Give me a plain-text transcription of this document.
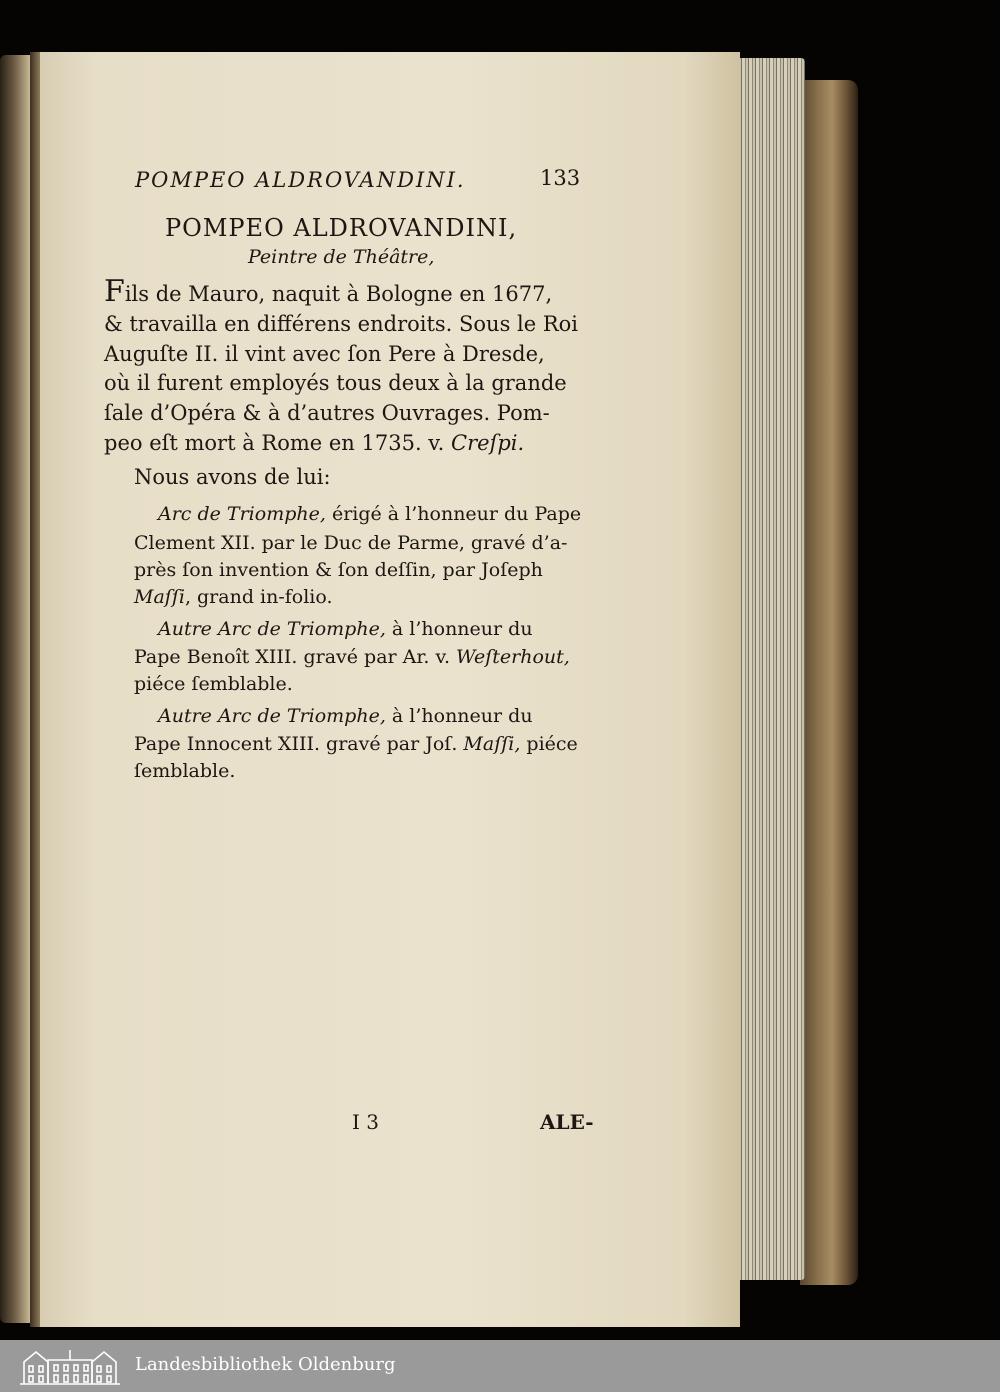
POMPEO ALDROVANDINI.	133
POMPEO ALDROVANDINI,
Peintre de Théâtre,
Fils de Mauro, naquit à Bologne en 1677,
& travailla en différens endroits. Sous le Roi
Auguſte II. il vint avec ſon Pere à Dresde,
où il furent employés tous deux à la grande
ſale d’Opéra & à d’autres Ouvrages. Pom-
peo eſt mort à Rome en 1735. v. Creſpi.
Nous avons de lui:
Arc de Triomphe, érigé à l’honneur du Pape
Clement XII. par le Duc de Parme, gravé d’a-
près ſon invention & ſon deſſin, par Joſeph
Maſſi, grand in-folio.
Autre Arc de Triomphe, à l’honneur du
Pape Benoît XIII. gravé par Ar. v. Weſterhout,
piéce ſemblable.
Autre Arc de Triomphe, à l’honneur du
Pape Innocent XIII. gravé par Joſ. Maſſi, piéce
ſemblable.
I 3	ALE-
Landesbibliothek Oldenburg
